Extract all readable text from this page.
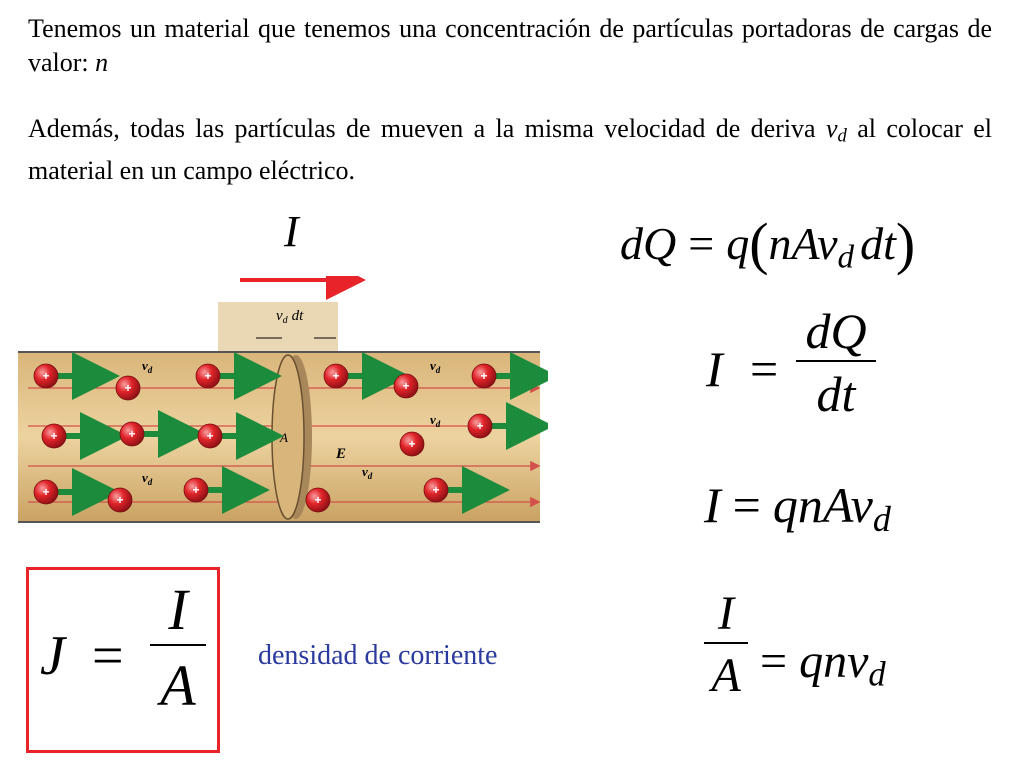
Tenemos un material que tenemos una concentración de partículas portadoras de cargas de valor: n

Además, todas las partículas de mueven a la misma velocidad de deriva $v_d$ al colocar el material en un campo eléctrico.

I	dQ = q(nAv$_d$ dt)
I =
dQ
dt
I = qnAv$_d$
I
A = qnv$_d$
J =
I
A densidad de corriente
$v_d$ dt
A
E
+
+
+	+
+
+
+	+	+
+
+
+
+
+
+
+
$v_d$	$v_d$
$v_d$
$v_d$
$v_d$
